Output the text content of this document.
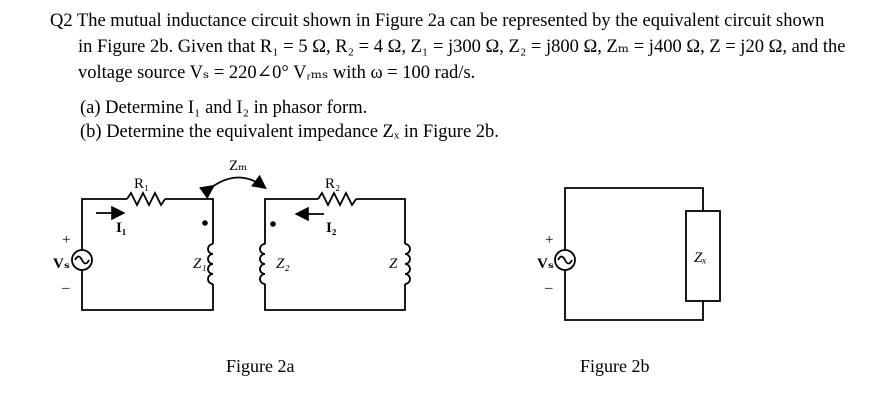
Q2 The mutual inductance circuit shown in Figure 2a can be represented by the equivalent circuit shown
in Figure 2b. Given that R₁ = 5 Ω, R₂ = 4 Ω, Z₁ = j300 Ω, Z₂ = j800 Ω, Zₘ = j400 Ω, Z = j20 Ω, and the
voltage source Vₛ = 220∠0° Vᵣₘₛ with ω = 100 rad/s.
(a) Determine I₁ and I₂ in phasor form.
(b) Determine the equivalent impedance Zₓ in Figure 2b.
R₁	R₂
Zₘ
I₁	I₂
Z₁	Z₂	Z
Vₛ
+
–
Zₓ
Vₛ
+
–
Figure 2a	Figure 2b
